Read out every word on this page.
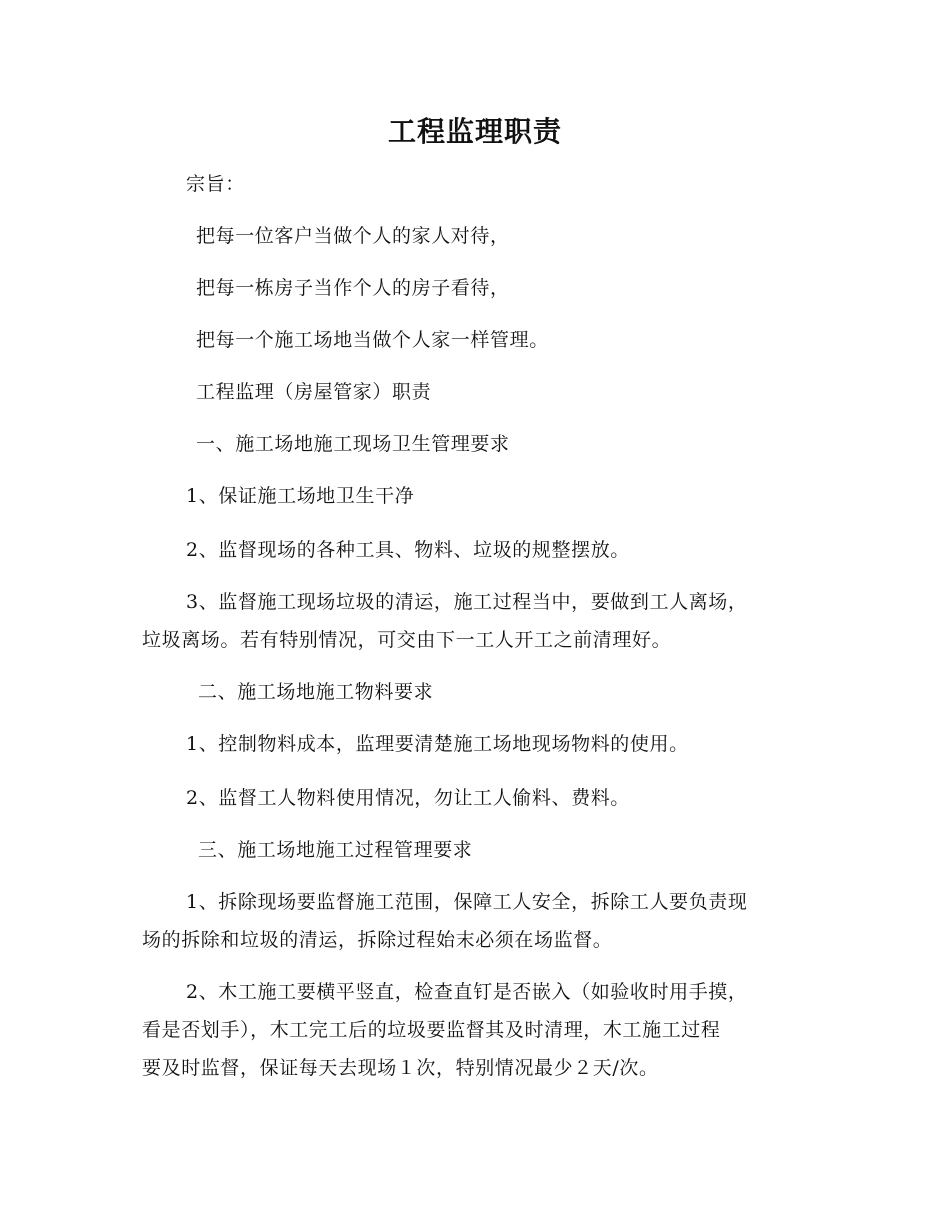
工程监理职责
宗旨：
把每一位客户当做个人的家人对待，
把每一栋房子当作个人的房子看待，
把每一个施工场地当做个人家一样管理。
工程监理（房屋管家）职责
一、施工场地施工现场卫生管理要求
1、保证施工场地卫生干净
2、监督现场的各种工具、物料、垃圾的规整摆放。
3、监督施工现场垃圾的清运，施工过程当中，要做到工人离场，
垃圾离场。若有特别情况，可交由下一工人开工之前清理好。
二、施工场地施工物料要求
1、控制物料成本，监理要清楚施工场地现场物料的使用。
2、监督工人物料使用情况，勿让工人偷料、费料。
三、施工场地施工过程管理要求
1、拆除现场要监督施工范围，保障工人安全，拆除工人要负责现
场的拆除和垃圾的清运，拆除过程始末必须在场监督。
2、木工施工要横平竖直，检查直钉是否嵌入（如验收时用手摸，
看是否划手），木工完工后的垃圾要监督其及时清理，木工施工过程
要及时监督，保证每天去现场１次，特别情况最少２天/次。
